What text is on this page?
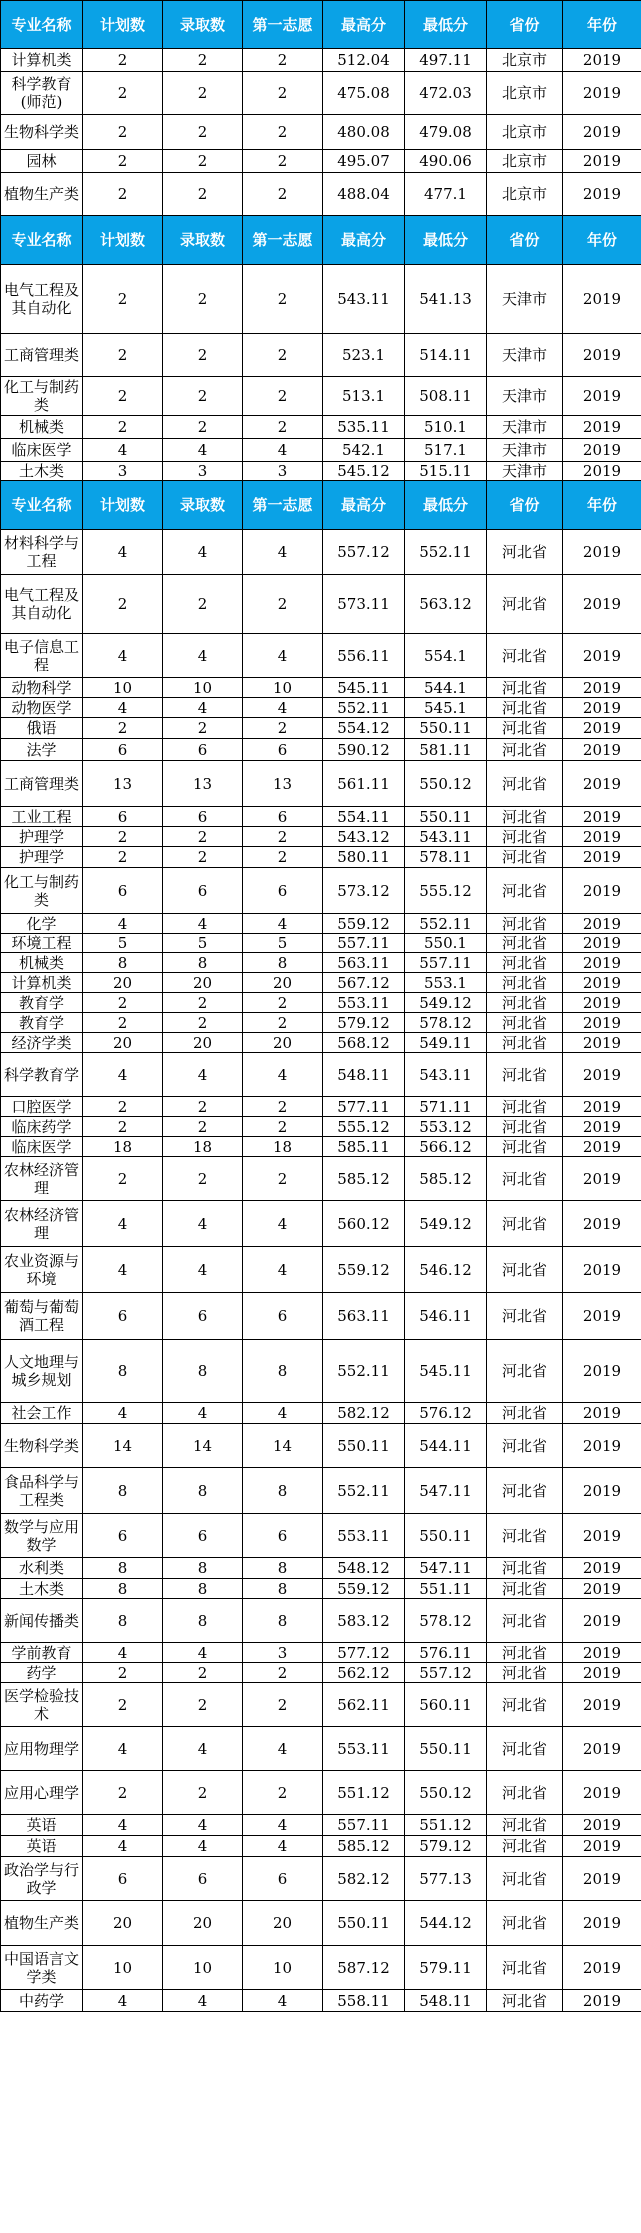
专业名称	计划数	录取数	第一志愿	最高分	最低分	省份	年份
计算机类	2	2	2	512.04	497.11	北京市	2019
科学教育(师范)	2	2	2	475.08	472.03	北京市	2019
生物科学类	2	2	2	480.08	479.08	北京市	2019
园林	2	2	2	495.07	490.06	北京市	2019
植物生产类	2	2	2	488.04	477.1	北京市	2019
专业名称	计划数	录取数	第一志愿	最高分	最低分	省份	年份
电气工程及其自动化	2	2	2	543.11	541.13	天津市	2019
工商管理类	2	2	2	523.1	514.11	天津市	2019
化工与制药类	2	2	2	513.1	508.11	天津市	2019
机械类	2	2	2	535.11	510.1	天津市	2019
临床医学	4	4	4	542.1	517.1	天津市	2019
土木类	3	3	3	545.12	515.11	天津市	2019
专业名称	计划数	录取数	第一志愿	最高分	最低分	省份	年份
材料科学与工程	4	4	4	557.12	552.11	河北省	2019
电气工程及其自动化	2	2	2	573.11	563.12	河北省	2019
电子信息工程	4	4	4	556.11	554.1	河北省	2019
动物科学	10	10	10	545.11	544.1	河北省	2019
动物医学	4	4	4	552.11	545.1	河北省	2019
俄语	2	2	2	554.12	550.11	河北省	2019
法学	6	6	6	590.12	581.11	河北省	2019
工商管理类	13	13	13	561.11	550.12	河北省	2019
工业工程	6	6	6	554.11	550.11	河北省	2019
护理学	2	2	2	543.12	543.11	河北省	2019
护理学	2	2	2	580.11	578.11	河北省	2019
化工与制药类	6	6	6	573.12	555.12	河北省	2019
化学	4	4	4	559.12	552.11	河北省	2019
环境工程	5	5	5	557.11	550.1	河北省	2019
机械类	8	8	8	563.11	557.11	河北省	2019
计算机类	20	20	20	567.12	553.1	河北省	2019
教育学	2	2	2	553.11	549.12	河北省	2019
教育学	2	2	2	579.12	578.12	河北省	2019
经济学类	20	20	20	568.12	549.11	河北省	2019
科学教育学	4	4	4	548.11	543.11	河北省	2019
口腔医学	2	2	2	577.11	571.11	河北省	2019
临床药学	2	2	2	555.12	553.12	河北省	2019
临床医学	18	18	18	585.11	566.12	河北省	2019
农林经济管理	2	2	2	585.12	585.12	河北省	2019
农林经济管理	4	4	4	560.12	549.12	河北省	2019
农业资源与环境	4	4	4	559.12	546.12	河北省	2019
葡萄与葡萄酒工程	6	6	6	563.11	546.11	河北省	2019
人文地理与城乡规划	8	8	8	552.11	545.11	河北省	2019
社会工作	4	4	4	582.12	576.12	河北省	2019
生物科学类	14	14	14	550.11	544.11	河北省	2019
食品科学与工程类	8	8	8	552.11	547.11	河北省	2019
数学与应用数学	6	6	6	553.11	550.11	河北省	2019
水利类	8	8	8	548.12	547.11	河北省	2019
土木类	8	8	8	559.12	551.11	河北省	2019
新闻传播类	8	8	8	583.12	578.12	河北省	2019
学前教育	4	4	3	577.12	576.11	河北省	2019
药学	2	2	2	562.12	557.12	河北省	2019
医学检验技术	2	2	2	562.11	560.11	河北省	2019
应用物理学	4	4	4	553.11	550.11	河北省	2019
应用心理学	2	2	2	551.12	550.12	河北省	2019
英语	4	4	4	557.11	551.12	河北省	2019
英语	4	4	4	585.12	579.12	河北省	2019
政治学与行政学	6	6	6	582.12	577.13	河北省	2019
植物生产类	20	20	20	550.11	544.12	河北省	2019
中国语言文学类	10	10	10	587.12	579.11	河北省	2019
中药学	4	4	4	558.11	548.11	河北省	2019
